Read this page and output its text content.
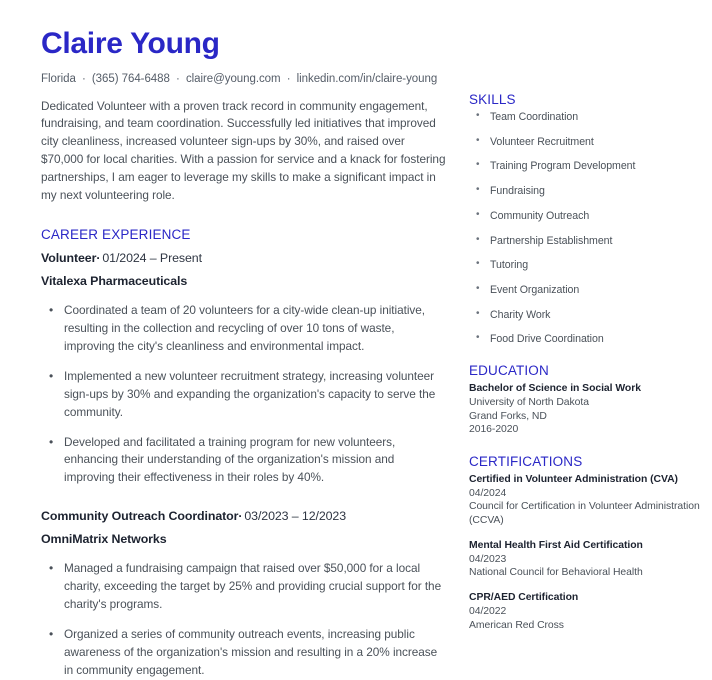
Claire Young
Florida · (365) 764-6488 · claire@young.com · linkedin.com/in/claire-young

Dedicated Volunteer with a proven track record in community engagement, fundraising, and team coordination. Successfully led initiatives that improved city cleanliness, increased volunteer sign-ups by 30%, and raised over $70,000 for local charities. With a passion for service and a knack for fostering partnerships, I am eager to leverage my skills to make a significant impact in my next volunteering role.

CAREER EXPERIENCE
Volunteer· 01/2024 – Present
Vitalexa Pharmaceuticals
• Coordinated a team of 20 volunteers for a city-wide clean-up initiative, resulting in the collection and recycling of over 10 tons of waste, improving the city's cleanliness and environmental impact.
• Implemented a new volunteer recruitment strategy, increasing volunteer sign-ups by 30% and expanding the organization's capacity to serve the community.
• Developed and facilitated a training program for new volunteers, enhancing their understanding of the organization's mission and improving their effectiveness in their roles by 40%.
Community Outreach Coordinator· 03/2023 – 12/2023
OmniMatrix Networks
• Managed a fundraising campaign that raised over $50,000 for a local charity, exceeding the target by 25% and providing crucial support for the charity's programs.
• Organized a series of community outreach events, increasing public awareness of the organization's mission and resulting in a 20% increase in community engagement.
SKILLS
• Team Coordination
• Volunteer Recruitment
• Training Program Development
• Fundraising
• Community Outreach
• Partnership Establishment
• Tutoring
• Event Organization
• Charity Work
• Food Drive Coordination
EDUCATION
Bachelor of Science in Social Work
University of North Dakota
Grand Forks, ND
2016-2020
CERTIFICATIONS
Certified in Volunteer Administration (CVA)
04/2024
Council for Certification in Volunteer Administration (CCVA)
Mental Health First Aid Certification
04/2023
National Council for Behavioral Health
CPR/AED Certification
04/2022
American Red Cross
